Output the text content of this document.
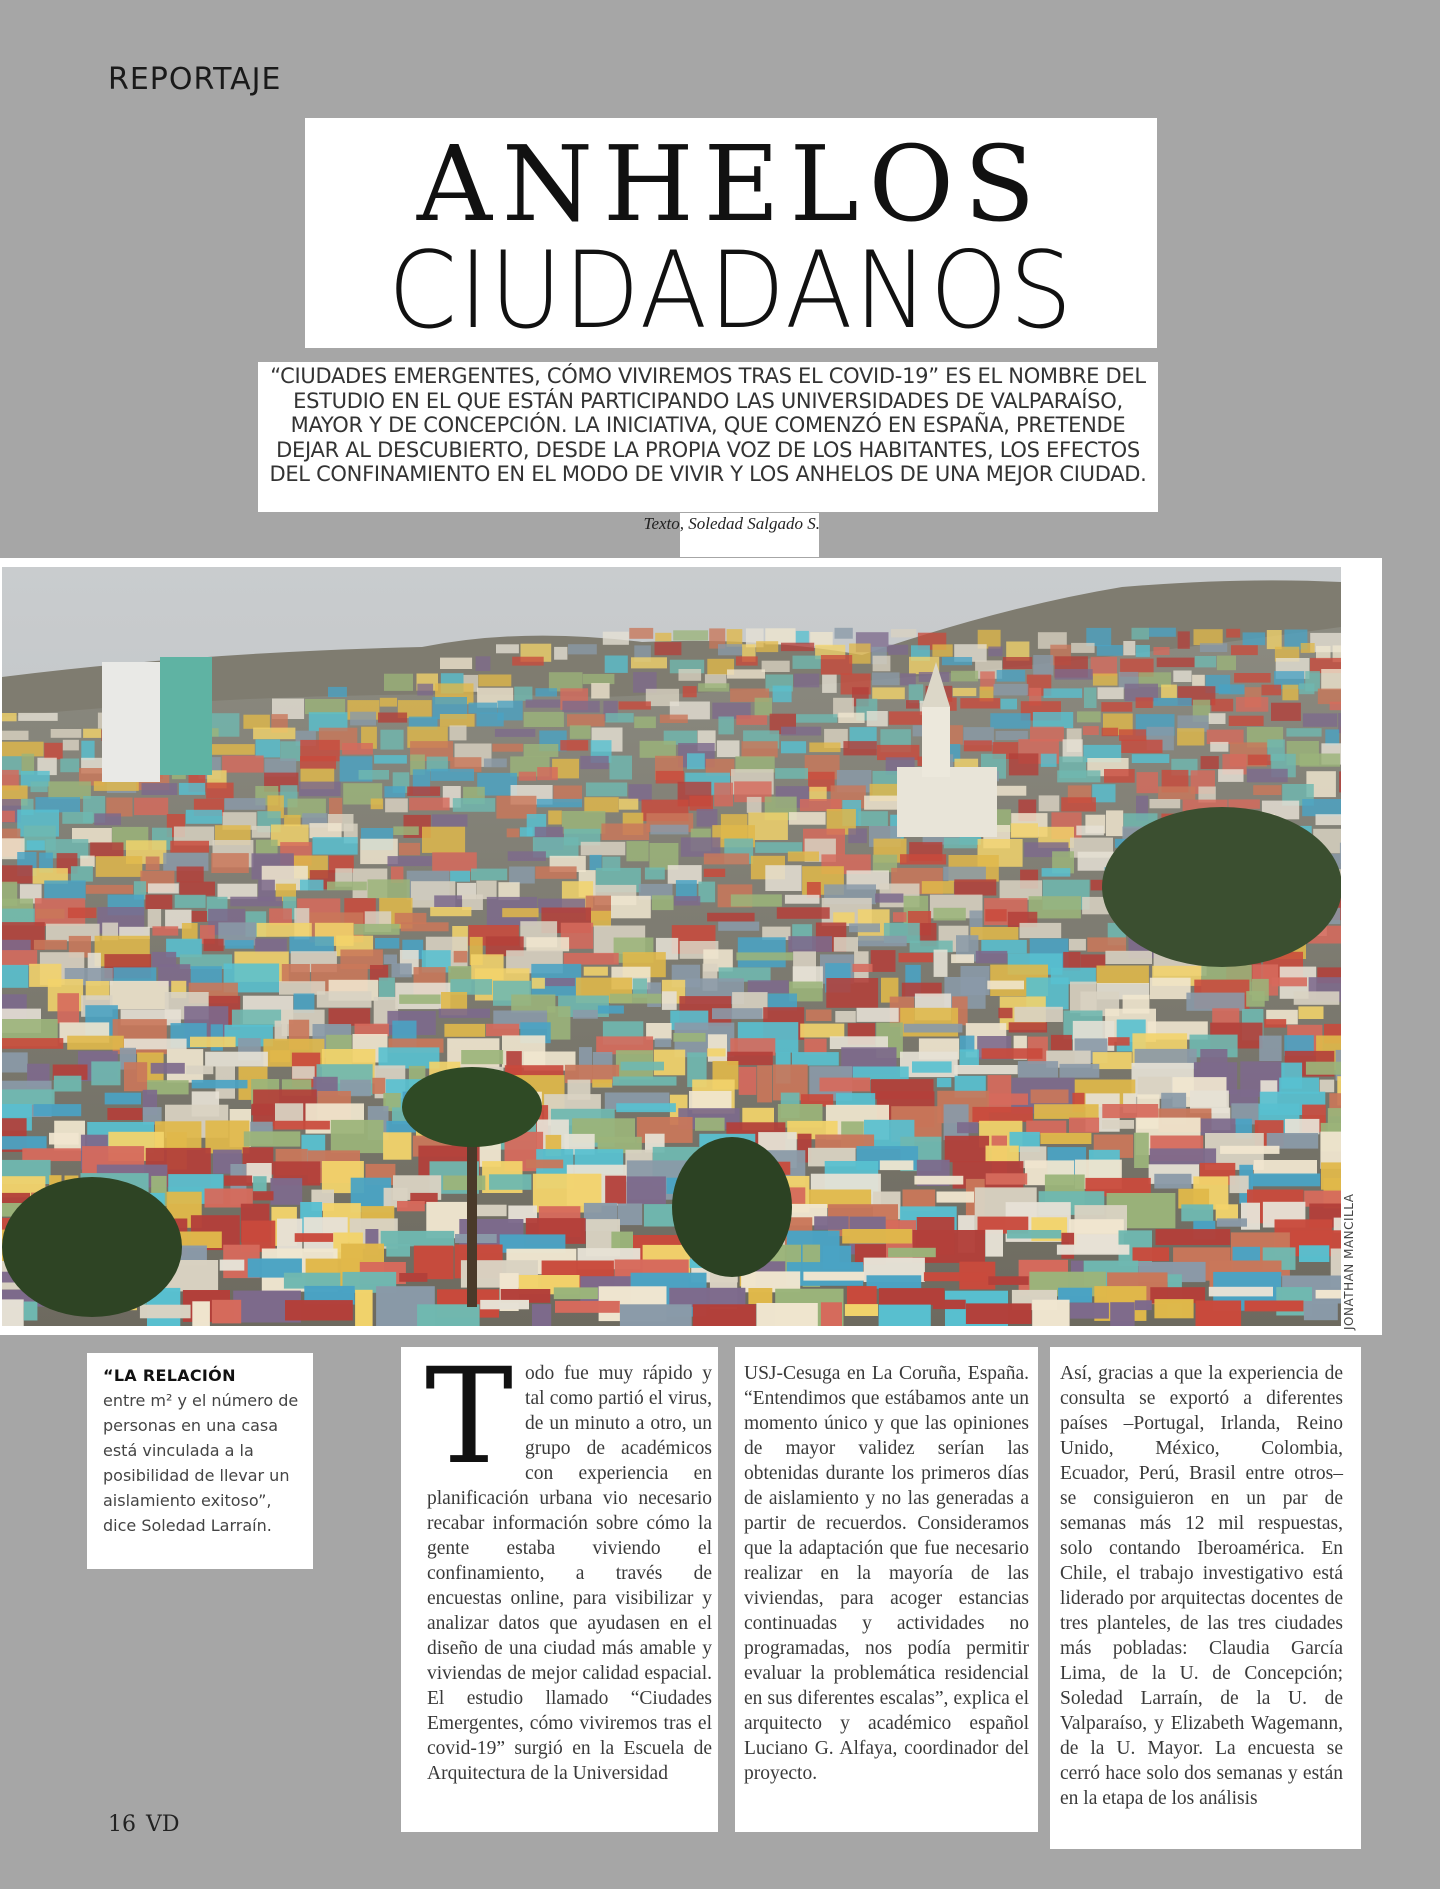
REPORTAJE
ANHELOS
CIUDADANOS
“CIUDADES EMERGENTES, CÓMO VIVIREMOS TRAS EL COVID-19” ES EL NOMBRE DEL ESTUDIO EN EL QUE ESTÁN PARTICIPANDO LAS UNIVERSIDADES DE VALPARAÍSO, MAYOR Y DE CONCEPCIÓN. LA INICIATIVA, QUE COMENZÓ EN ESPAÑA, PRETENDE DEJAR AL DESCUBIERTO, DESDE LA PROPIA VOZ DE LOS HABITANTES, LOS EFECTOS DEL CONFINAMIENTO EN EL MODO DE VIVIR Y LOS ANHELOS DE UNA MEJOR CIUDAD.
Texto, Soledad Salgado S.
JONATHAN MANCILLA
“LA RELACIÓN
entre m² y el número de personas en una casa está vinculada a la posibilidad de llevar un aislamiento exitoso”, dice Soledad Larraín.
T odo fue muy rápido y tal como partió el virus, de un minuto a otro, un grupo de académicos con experiencia en planificación urbana vio necesario recabar información sobre cómo la gente estaba viviendo el confinamiento, a través de encuestas online, para visibilizar y analizar datos que ayudasen en el diseño de una ciudad más amable y viviendas de mejor calidad espacial. El estudio llamado “Ciudades Emergentes, cómo viviremos tras el covid-19” surgió en la Escuela de Arquitectura de la Universidad

USJ-Cesuga en La Coruña, España. “Entendimos que estábamos ante un momento único y que las opiniones de mayor validez serían las obtenidas durante los primeros días de aislamiento y no las generadas a partir de recuerdos. Consideramos que la adaptación que fue necesario realizar en la mayoría de las viviendas, para acoger estancias continuadas y actividades no programadas, nos podía permitir evaluar la problemática residencial en sus diferentes escalas”, explica el arquitecto y académico español Luciano G. Alfaya, coordinador del proyecto.

Así, gracias a que la experiencia de consulta se exportó a diferentes países –Portugal, Irlanda, Reino Unido, México, Colombia, Ecuador, Perú, Brasil entre otros– se consiguieron en un par de semanas más 12 mil respuestas, solo contando Iberoamérica. En Chile, el trabajo investigativo está liderado por arquitectas docentes de tres planteles, de las tres ciudades más pobladas: Claudia García Lima, de la U. de Concepción; Soledad Larraín, de la U. de Valparaíso, y Elizabeth Wagemann, de la U. Mayor. La encuesta se cerró hace solo dos semanas y están en la etapa de los análisis

16 VD
